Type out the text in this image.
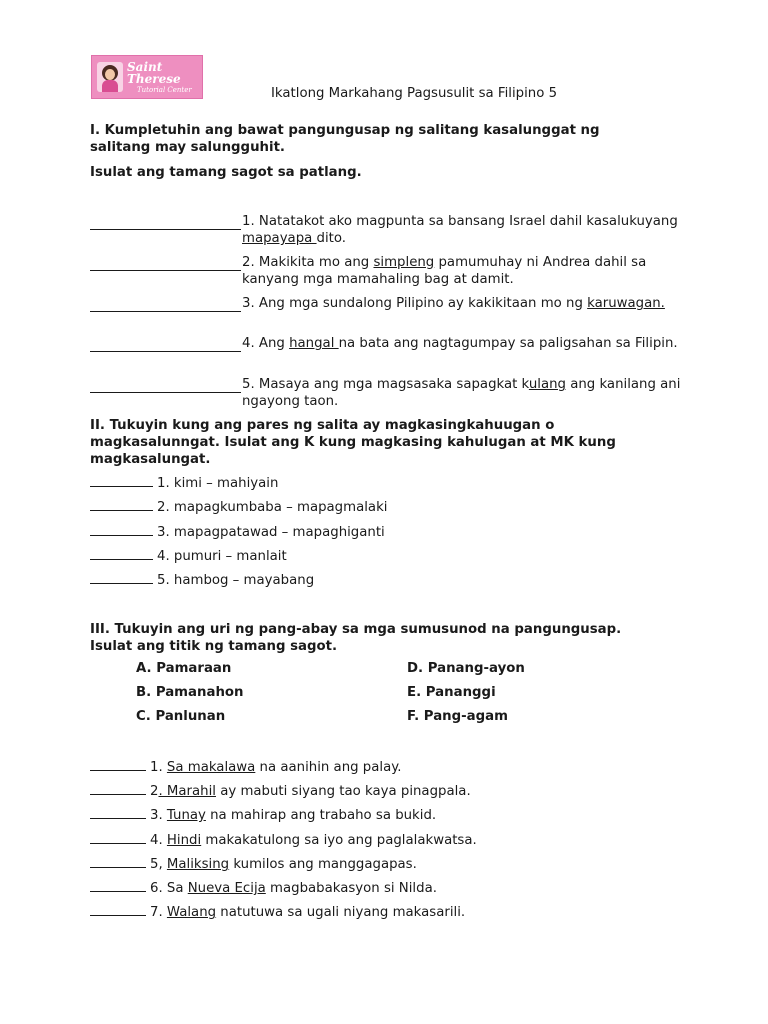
Saint Therese
Tutorial Center	Ikatlong Markahang Pagsusulit sa Filipino 5
I. Kumpletuhin ang bawat pangungusap ng salitang kasalunggat ng salitang may salungguhit.
Isulat ang tamang sagot sa patlang.
1. Natatakot ako magpunta sa bansang Israel dahil kasalukuyang mapayapa dito.
2. Makikita mo ang simpleng pamumuhay ni Andrea dahil sa kanyang mga mamahaling bag at damit.
3. Ang mga sundalong Pilipino ay kakikitaan mo ng karuwagan.
4. Ang hangal na bata ang nagtagumpay sa paligsahan sa Filipin.
5. Masaya ang mga magsasaka sapagkat kulang ang kanilang ani ngayong taon.
II. Tukuyin kung ang pares ng salita ay magkasingkahuugan o magkasalunngat. Isulat ang K kung magkasing kahulugan at MK kung magkasalungat.
1. kimi – mahiyain
2. mapagkumbaba – mapagmalaki
3. mapagpatawad – mapaghiganti
4. pumuri – manlait
5. hambog – mayabang
III. Tukuyin ang uri ng pang-abay sa mga sumusunod na pangungusap. Isulat ang titik ng tamang sagot.
A. Pamaraan
B. Pamanahon
C. Panlunan
D. Panang-ayon
E. Pananggi
F. Pang-agam
1. Sa makalawa na aanihin ang palay.
2. Marahil ay mabuti siyang tao kaya pinagpala.
3. Tunay na mahirap ang trabaho sa bukid.
4. Hindi makakatulong sa iyo ang paglalakwatsa.
5, Maliksing kumilos ang manggagapas.
6. Sa Nueva Ecija magbabakasyon si Nilda.
7. Walang natutuwa sa ugali niyang makasarili.
